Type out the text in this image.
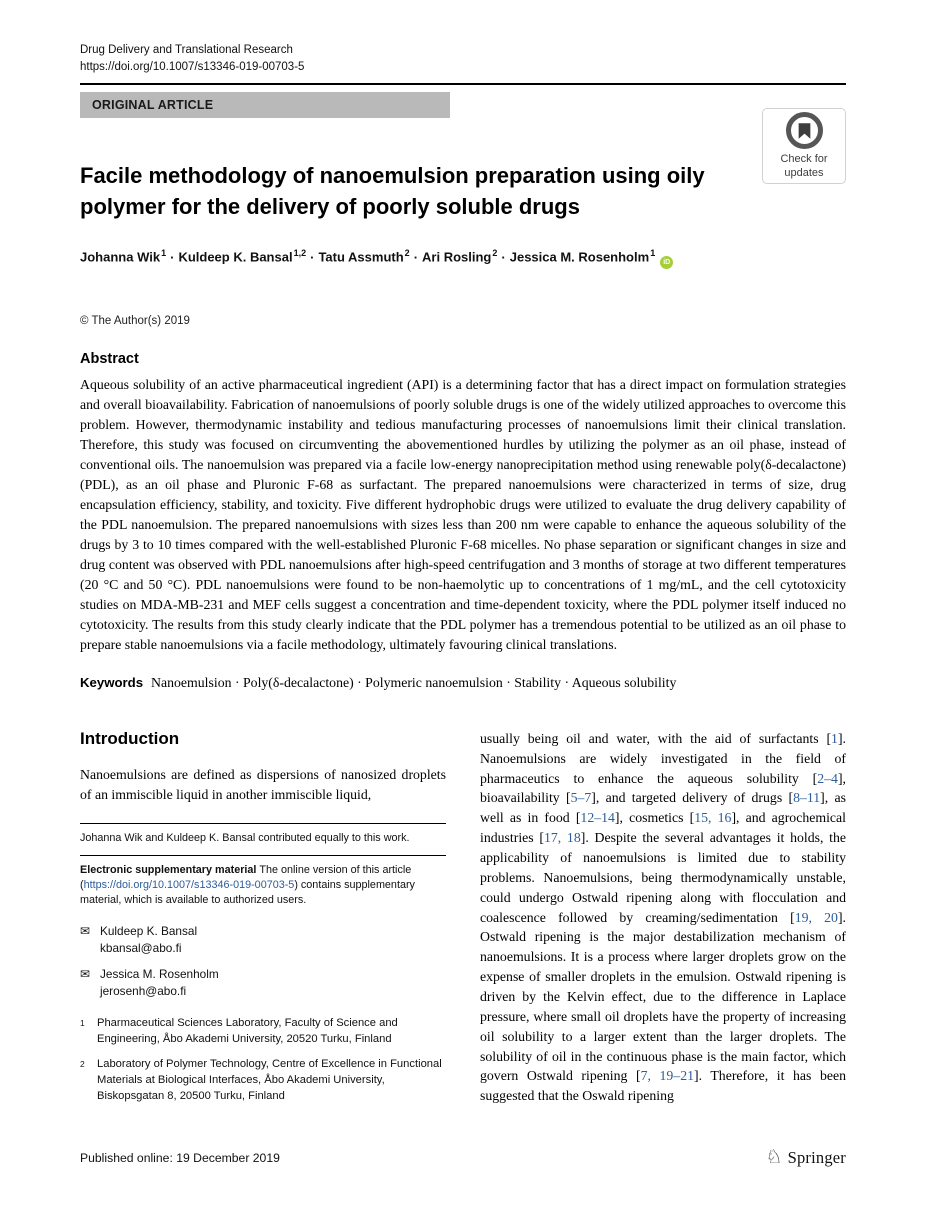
Drug Delivery and Translational Research
https://doi.org/10.1007/s13346-019-00703-5
ORIGINAL ARTICLE
Check for
updates
Facile methodology of nanoemulsion preparation using oily polymer for the delivery of poorly soluble drugs
Johanna Wik$^1$ · Kuldeep K. Bansal$^{1,2}$ · Tatu Assmuth$^2$ · Ari Rosling$^2$ · Jessica M. Rosenholm$^1$iD
© The Author(s) 2019
Abstract

Aqueous solubility of an active pharmaceutical ingredient (API) is a determining factor that has a direct impact on formulation strategies and overall bioavailability. Fabrication of nanoemulsions of poorly soluble drugs is one of the widely utilized approaches to overcome this problem. However, thermodynamic instability and tedious manufacturing processes of nanoemulsions limit their clinical translation. Therefore, this study was focused on circumventing the abovementioned hurdles by utilizing the polymer as an oil phase, instead of conventional oils. The nanoemulsion was prepared via a facile low-energy nanoprecipitation method using renewable poly(δ-decalactone) (PDL), as an oil phase and Pluronic F-68 as surfactant. The prepared nanoemulsions were characterized in terms of size, drug encapsulation efficiency, stability, and toxicity. Five different hydrophobic drugs were utilized to evaluate the drug delivery capability of the PDL nanoemulsion. The prepared nanoemulsions with sizes less than 200 nm were capable to enhance the aqueous solubility of the drugs by 3 to 10 times compared with the well-established Pluronic F-68 micelles. No phase separation or significant changes in size and drug content was observed with PDL nanoemulsions after high-speed centrifugation and 3 months of storage at two different temperatures (20 °C and 50 °C). PDL nanoemulsions were found to be non-haemolytic up to concentrations of 1 mg/mL, and the cell cytotoxicity studies on MDA-MB-231 and MEF cells suggest a concentration and time-dependent toxicity, where the PDL polymer itself induced no cytotoxicity. The results from this study clearly indicate that the PDL polymer has a tremendous potential to be utilized as an oil phase to prepare stable nanoemulsions via a facile methodology, ultimately favouring clinical translations.

Keywords Nanoemulsion · Poly(δ-decalactone) · Polymeric nanoemulsion · Stability · Aqueous solubility

Introduction

Nanoemulsions are defined as dispersions of nanosized droplets of an immiscible liquid in another immiscible liquid,

Johanna Wik and Kuldeep K. Bansal contributed equally to this work.

Electronic supplementary material The online version of this article (https://doi.org/10.1007/s13346-019-00703-5) contains supplementary material, which is available to authorized users.

✉ Kuldeep K. Bansal
kbansal@abo.fi
✉ Jessica M. Rosenholm
jerosenh@abo.fi
1	Pharmaceutical Sciences Laboratory, Faculty of Science and Engineering, Åbo Akademi University, 20520 Turku, Finland
2	Laboratory of Polymer Technology, Centre of Excellence in Functional Materials at Biological Interfaces, Åbo Akademi University, Biskopsgatan 8, 20500 Turku, Finland

usually being oil and water, with the aid of surfactants [1]. Nanoemulsions are widely investigated in the field of pharmaceutics to enhance the aqueous solubility [2–4], bioavailability [5–7], and targeted delivery of drugs [8–11], as well as in food [12–14], cosmetics [15, 16], and agrochemical industries [17, 18]. Despite the several advantages it holds, the applicability of nanoemulsions is limited due to stability problems. Nanoemulsions, being thermodynamically unstable, could undergo Ostwald ripening along with flocculation and coalescence followed by creaming/sedimentation [19, 20]. Ostwald ripening is the major destabilization mechanism of nanoemulsions. It is a process where larger droplets grow on the expense of smaller droplets in the emulsion. Ostwald ripening is driven by the Kelvin effect, due to the difference in Laplace pressure, where small oil droplets have the property of increasing oil solubility to a larger extent than the larger droplets. The solubility of oil in the continuous phase is the main factor, which govern Ostwald ripening [7, 19–21]. Therefore, it has been suggested that the Oswald ripening

Published online: 19 December 2019	♘ Springer
